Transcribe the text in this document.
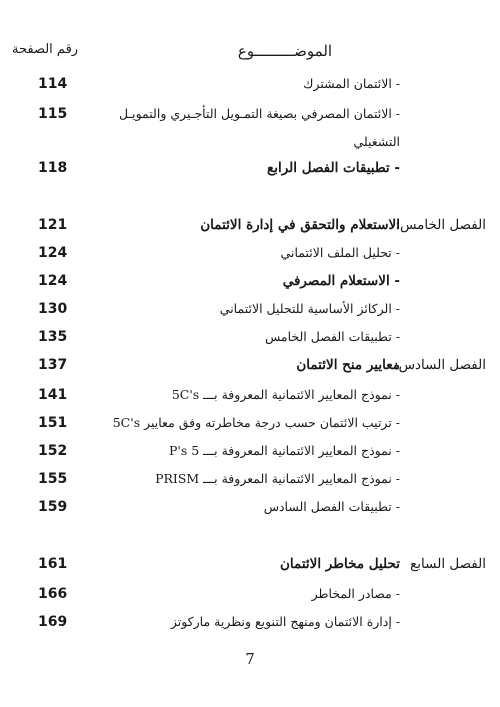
رقم الصفحة	الموضـــــــــوع
114	- الائتمان المشترك
115	- الائتمان المصرفي بصيغة التمـويل التأجـيري والتمويـل
التشغيلي
118	- تطبيقات الفصل الرابع
121	الاستعلام والتحقق في إدارة الائتمان
الفصل الخامس:
124	- تحليل الملف الائتماني
124	- الاستعلام المصرفي
130	- الركائز الأساسية للتحليل الائتماني
135	- تطبيقات الفصل الخامس
137	معايير منح الائتمان
الفصل السادس:
141	- نموذج المعايير الائتمانية المعروفة بـــ 5C's
151	- ترتيب الائتمان حسب درجة مخاطرته وفق معايير 5C's
152	- نموذج المعايير الائتمانية المعروفة بـــ 5 P's
155	- نموذج المعايير الائتمانية المعروفة بـــ PRISM
159	- تطبيقات الفصل السادس
161	تحليل مخاطر الائتمان الفصل السابع
166	- مصادر المخاطر
169	- إدارة الائتمان ومنهج التنويع ونظرية ماركوتز
7
